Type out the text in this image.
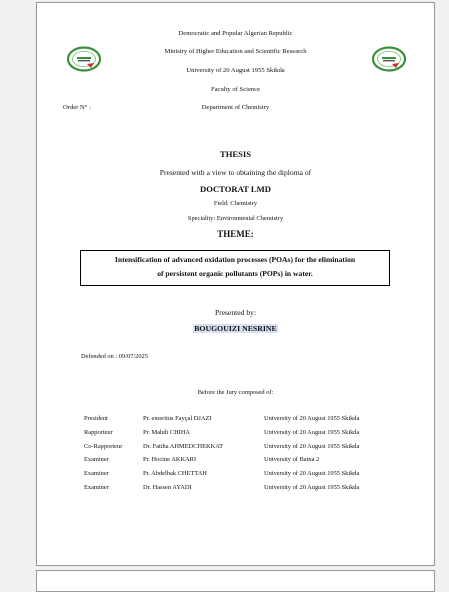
Democratic and Popular Algerian Republic
Ministry of Higher Education and Scientific Research
University of 20 August 1955 Skikda
Faculty of Science
Department of Chemistry
Order N° :
THESIS
Presented with a view to obtaining the diploma of
DOCTORAT LMD
Field: Chemistry
Speciality: Environmental Chemistry
THEME:
Intensification of advanced oxidation processes (POAs) for the elimination
of persistent organic pollutants (POPs) in water.
Presented by:
BOUGOUIZI NESRINE
Defended on : 09/07/2025
Before the Jury composed of:
President	Pr. emeritus Fayçal DJAZI	University of 20 August 1955 Skikda
Rapporteur	Pr. Mahdi CHIHA	University of 20 August 1955 Skikda
Co-Rapporteur	Dr. Fatiha AHMEDCHEKKAT	University of 20 August 1955 Skikda
Examiner	Pr. Hocine AKKARI	University of Batna 2
Examiner	Pr. Abdelhak CHETTAH	University of 20 August 1955 Skikda
Examiner	Dr. Hassen AYADI	University of 20 August 1955 Skikda
